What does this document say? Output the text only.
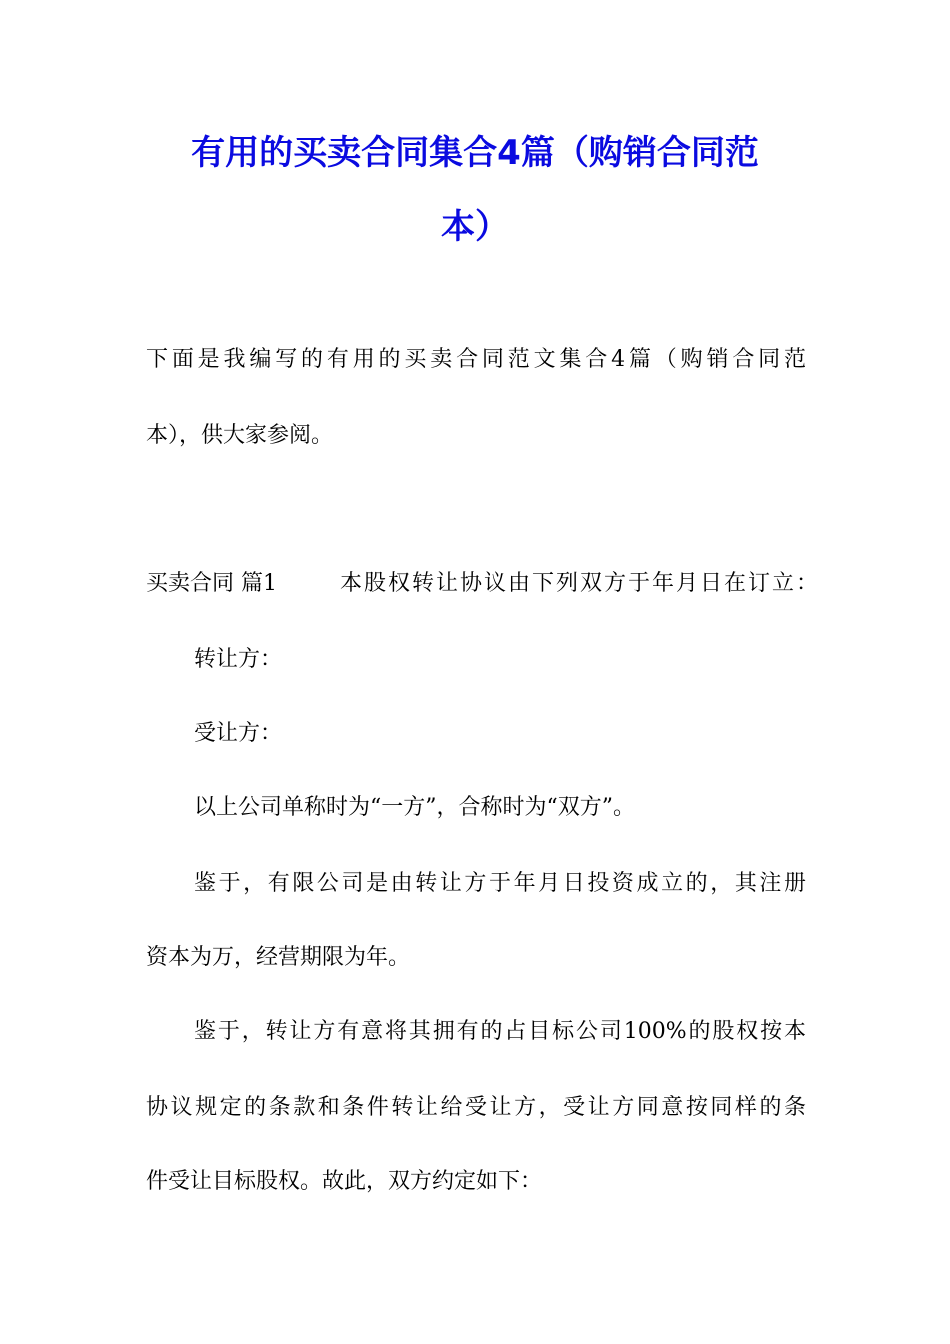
有用的买卖合同集合4篇（购销合同范
本）

下面是我编写的有用的买卖合同范文集合4篇（购销合同范

本），供大家参阅。

买卖合同 篇1	本股权转让协议由下列双方于年月日在订立：

转让方：

受让方：

以上公司单称时为“一方”，合称时为“双方”。

鉴于，有限公司是由转让方于年月日投资成立的，其注册

资本为万，经营期限为年。

鉴于，转让方有意将其拥有的占目标公司100%的股权按本

协议规定的条款和条件转让给受让方，受让方同意按同样的条

件受让目标股权。故此，双方约定如下：
